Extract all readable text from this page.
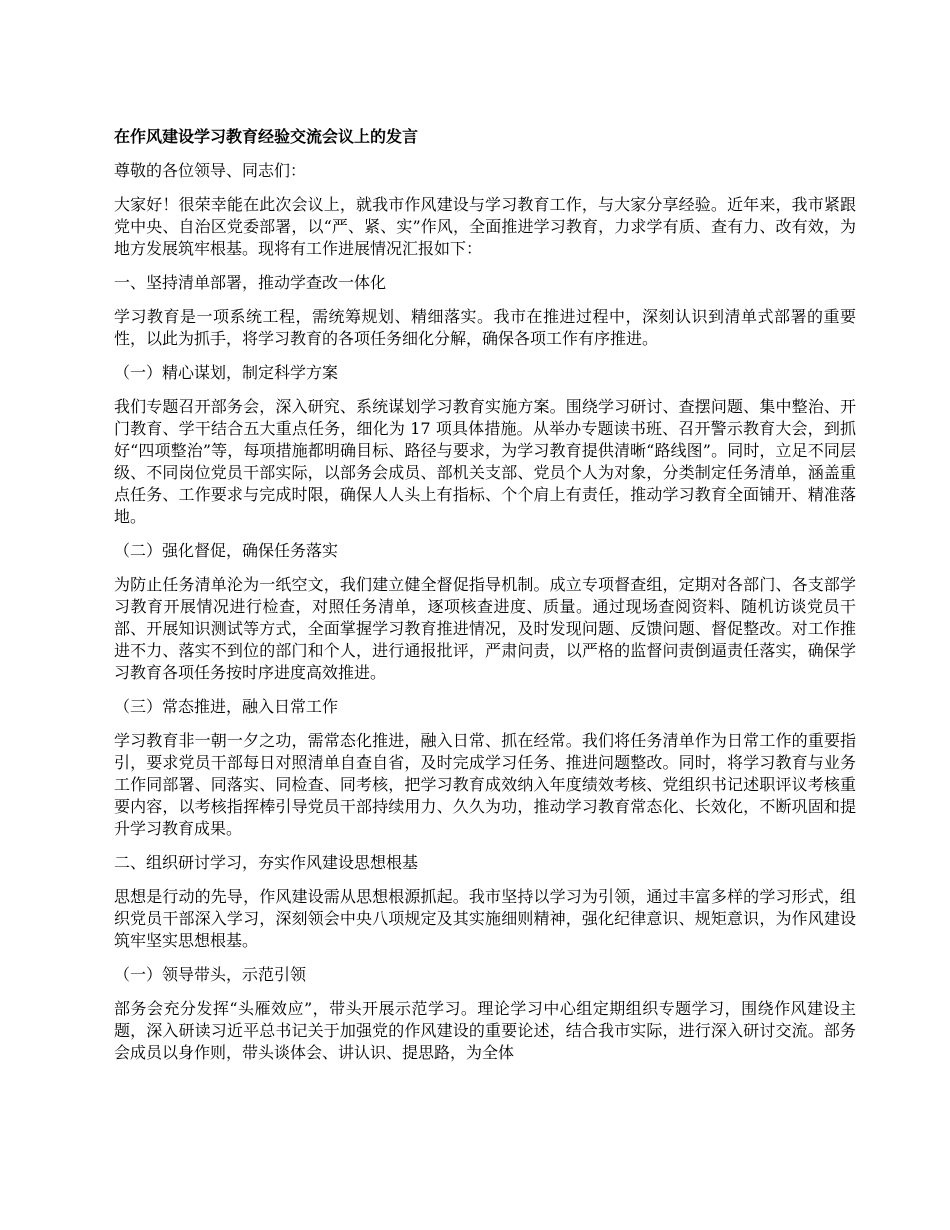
在作风建设学习教育经验交流会议上的发言
尊敬的各位领导、同志们：
大家好！很荣幸能在此次会议上，就我市作风建设与学习教育工作，与大家分享经验。近年来，我市紧跟党中央、自治区党委部署，以“严、紧、实”作风，全面推进学习教育，力求学有质、查有力、改有效，为地方发展筑牢根基。现将有工作进展情况汇报如下：
一、坚持清单部署，推动学查改一体化
学习教育是一项系统工程，需统筹规划、精细落实。我市在推进过程中，深刻认识到清单式部署的重要性，以此为抓手，将学习教育的各项任务细化分解，确保各项工作有序推进。
（一）精心谋划，制定科学方案
我们专题召开部务会，深入研究、系统谋划学习教育实施方案。围绕学习研讨、查摆问题、集中整治、开门教育、学干结合五大重点任务，细化为 17 项具体措施。从举办专题读书班、召开警示教育大会，到抓好“四项整治”等，每项措施都明确目标、路径与要求，为学习教育提供清晰“路线图”。同时，立足不同层级、不同岗位党员干部实际，以部务会成员、部机关支部、党员个人为对象，分类制定任务清单，涵盖重点任务、工作要求与完成时限，确保人人头上有指标、个个肩上有责任，推动学习教育全面铺开、精准落地。
（二）强化督促，确保任务落实
为防止任务清单沦为一纸空文，我们建立健全督促指导机制。成立专项督查组，定期对各部门、各支部学习教育开展情况进行检查，对照任务清单，逐项核查进度、质量。通过现场查阅资料、随机访谈党员干部、开展知识测试等方式，全面掌握学习教育推进情况，及时发现问题、反馈问题、督促整改。对工作推进不力、落实不到位的部门和个人，进行通报批评，严肃问责，以严格的监督问责倒逼责任落实，确保学习教育各项任务按时序进度高效推进。
（三）常态推进，融入日常工作
学习教育非一朝一夕之功，需常态化推进，融入日常、抓在经常。我们将任务清单作为日常工作的重要指引，要求党员干部每日对照清单自查自省，及时完成学习任务、推进问题整改。同时，将学习教育与业务工作同部署、同落实、同检查、同考核，把学习教育成效纳入年度绩效考核、党组织书记述职评议考核重要内容，以考核指挥棒引导党员干部持续用力、久久为功，推动学习教育常态化、长效化，不断巩固和提升学习教育成果。
二、组织研讨学习，夯实作风建设思想根基
思想是行动的先导，作风建设需从思想根源抓起。我市坚持以学习为引领，通过丰富多样的学习形式，组织党员干部深入学习，深刻领会中央八项规定及其实施细则精神，强化纪律意识、规矩意识，为作风建设筑牢坚实思想根基。
（一）领导带头，示范引领
部务会充分发挥“头雁效应”，带头开展示范学习。理论学习中心组定期组织专题学习，围绕作风建设主题，深入研读习近平总书记关于加强党的作风建设的重要论述，结合我市实际，进行深入研讨交流。部务会成员以身作则，带头谈体会、讲认识、提思路，为全体
